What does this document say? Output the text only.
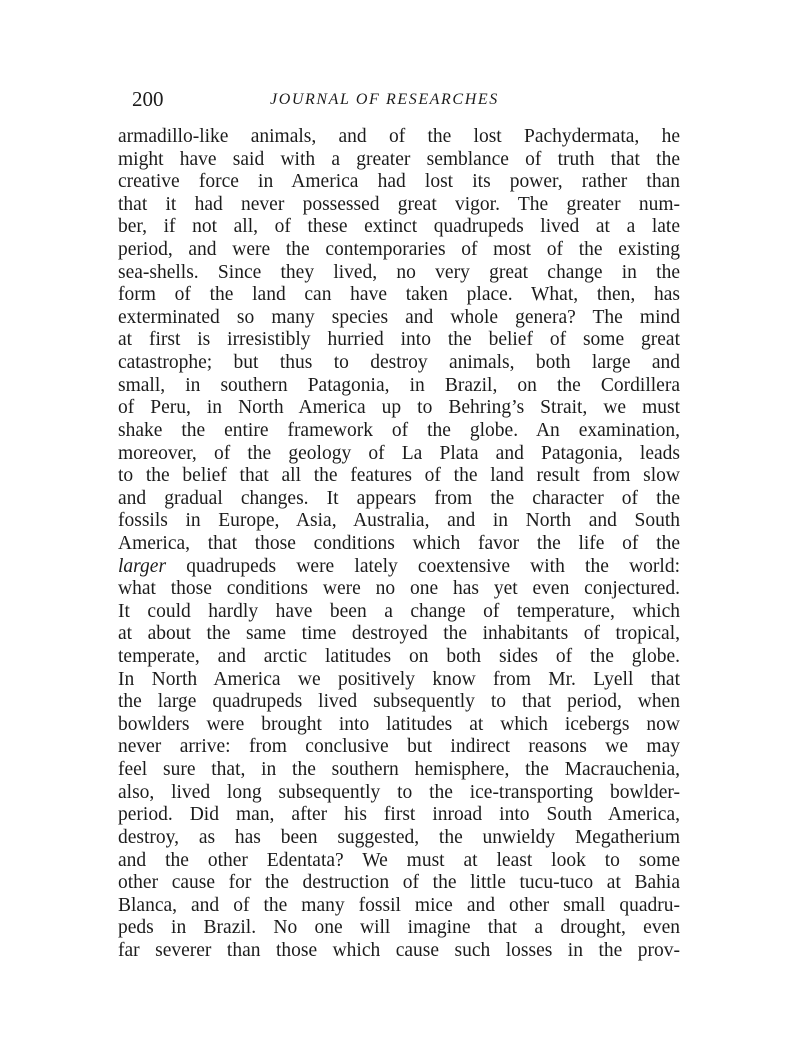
200	JOURNAL OF RESEARCHES
armadillo-like animals, and of the lost Pachydermata, he
might have said with a greater semblance of truth that the
creative force in America had lost its power, rather than
that it had never possessed great vigor. The greater num-
ber, if not all, of these extinct quadrupeds lived at a late
period, and were the contemporaries of most of the existing
sea-shells. Since they lived, no very great change in the
form of the land can have taken place. What, then, has
exterminated so many species and whole genera? The mind
at first is irresistibly hurried into the belief of some great
catastrophe; but thus to destroy animals, both large and
small, in southern Patagonia, in Brazil, on the Cordillera
of Peru, in North America up to Behring’s Strait, we must
shake the entire framework of the globe. An examination,
moreover, of the geology of La Plata and Patagonia, leads
to the belief that all the features of the land result from slow
and gradual changes. It appears from the character of the
fossils in Europe, Asia, Australia, and in North and South
America, that those conditions which favor the life of the
larger quadrupeds were lately coextensive with the world:
what those conditions were no one has yet even conjectured.
It could hardly have been a change of temperature, which
at about the same time destroyed the inhabitants of tropical,
temperate, and arctic latitudes on both sides of the globe.
In North America we positively know from Mr. Lyell that
the large quadrupeds lived subsequently to that period, when
bowlders were brought into latitudes at which icebergs now
never arrive: from conclusive but indirect reasons we may
feel sure that, in the southern hemisphere, the Macrauchenia,
also, lived long subsequently to the ice-transporting bowlder-
period. Did man, after his first inroad into South America,
destroy, as has been suggested, the unwieldy Megatherium
and the other Edentata? We must at least look to some
other cause for the destruction of the little tucu-tuco at Bahia
Blanca, and of the many fossil mice and other small quadru-
peds in Brazil. No one will imagine that a drought, even
far severer than those which cause such losses in the prov-
